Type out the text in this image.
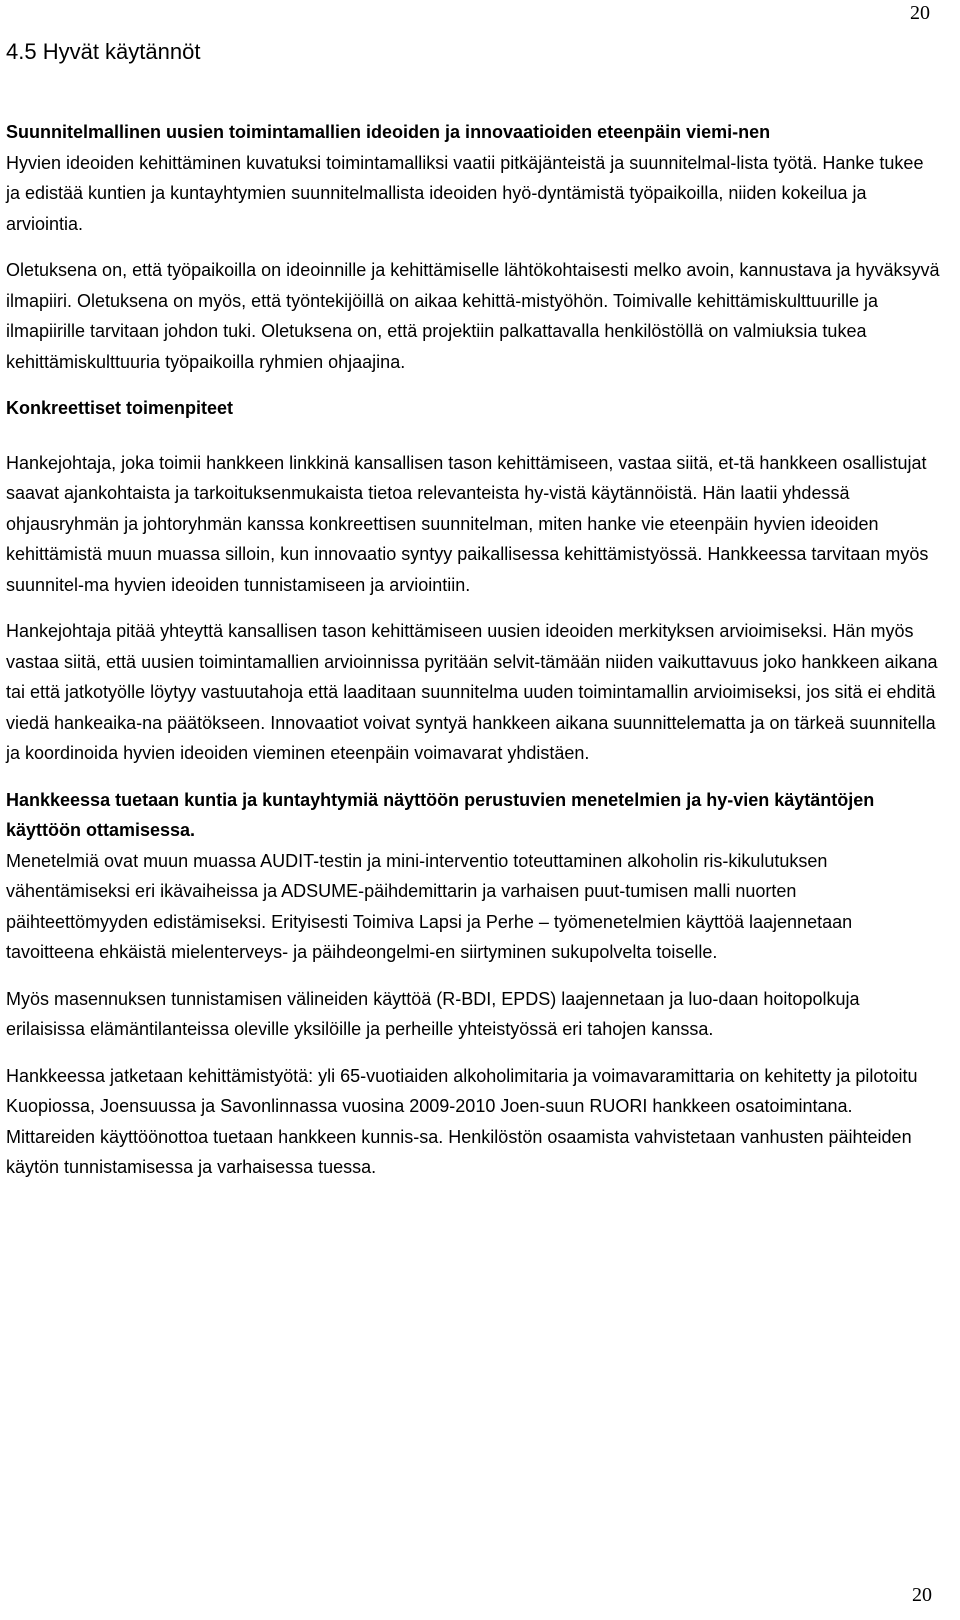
20
4.5 Hyvät käytännöt
Suunnitelmallinen uusien toimintamallien ideoiden ja innovaatioiden eteenpäin viemi-nen
Hyvien ideoiden kehittäminen kuvatuksi toimintamalliksi vaatii pitkäjänteistä ja suunnitelmal-lista työtä. Hanke tukee ja edistää kuntien ja kuntayhtymien suunnitelmallista ideoiden hyö-dyntämistä työpaikoilla, niiden kokeilua ja arviointia.
Oletuksena on, että työpaikoilla on ideoinnille ja kehittämiselle lähtökohtaisesti melko avoin, kannustava ja hyväksyvä ilmapiiri. Oletuksena on myös, että työntekijöillä on aikaa kehittä-mistyöhön. Toimivalle kehittämiskulttuurille ja ilmapiirille tarvitaan johdon tuki. Oletuksena on, että projektiin palkattavalla henkilöstöllä on valmiuksia tukea kehittämiskulttuuria työpaikoilla ryhmien ohjaajina.
Konkreettiset toimenpiteet
Hankejohtaja, joka toimii hankkeen linkkinä kansallisen tason kehittämiseen, vastaa siitä, et-tä hankkeen osallistujat saavat ajankohtaista ja tarkoituksenmukaista tietoa relevanteista hy-vistä käytännöistä. Hän laatii yhdessä ohjausryhmän ja johtoryhmän kanssa konkreettisen suunnitelman, miten hanke vie eteenpäin hyvien ideoiden kehittämistä muun muassa silloin, kun innovaatio syntyy paikallisessa kehittämistyössä. Hankkeessa tarvitaan myös suunnitel-ma hyvien ideoiden tunnistamiseen ja arviointiin.
Hankejohtaja pitää yhteyttä kansallisen tason kehittämiseen uusien ideoiden merkityksen arvioimiseksi. Hän myös vastaa siitä, että uusien toimintamallien arvioinnissa pyritään selvit-tämään niiden vaikuttavuus joko hankkeen aikana tai että jatkotyölle löytyy vastuutahoja että laaditaan suunnitelma uuden toimintamallin arvioimiseksi, jos sitä ei ehditä viedä hankeaika-na päätökseen. Innovaatiot voivat syntyä hankkeen aikana suunnittelematta ja on tärkeä suunnitella ja koordinoida hyvien ideoiden vieminen eteenpäin voimavarat yhdistäen.
Hankkeessa tuetaan kuntia ja kuntayhtymiä näyttöön perustuvien menetelmien ja hy-vien käytäntöjen käyttöön ottamisessa.
Menetelmiä ovat muun muassa AUDIT-testin ja mini-interventio toteuttaminen alkoholin ris-kikulutuksen vähentämiseksi eri ikävaiheissa ja ADSUME-päihdemittarin ja varhaisen puut-tumisen malli nuorten päihteettömyyden edistämiseksi. Erityisesti Toimiva Lapsi ja Perhe – työmenetelmien käyttöä laajennetaan tavoitteena ehkäistä mielenterveys- ja päihdeongelmi-en siirtyminen sukupolvelta toiselle.
Myös masennuksen tunnistamisen välineiden käyttöä (R-BDI, EPDS) laajennetaan ja luo-daan hoitopolkuja erilaisissa elämäntilanteissa oleville yksilöille ja perheille yhteistyössä eri tahojen kanssa.
Hankkeessa jatketaan kehittämistyötä: yli 65-vuotiaiden alkoholimitaria ja voimavaramittaria on kehitetty ja pilotoitu Kuopiossa, Joensuussa ja Savonlinnassa vuosina 2009-2010 Joen-suun RUORI hankkeen osatoimintana. Mittareiden käyttöönottoa tuetaan hankkeen kunnis-sa. Henkilöstön osaamista vahvistetaan vanhusten päihteiden käytön tunnistamisessa ja varhaisessa tuessa.
20
